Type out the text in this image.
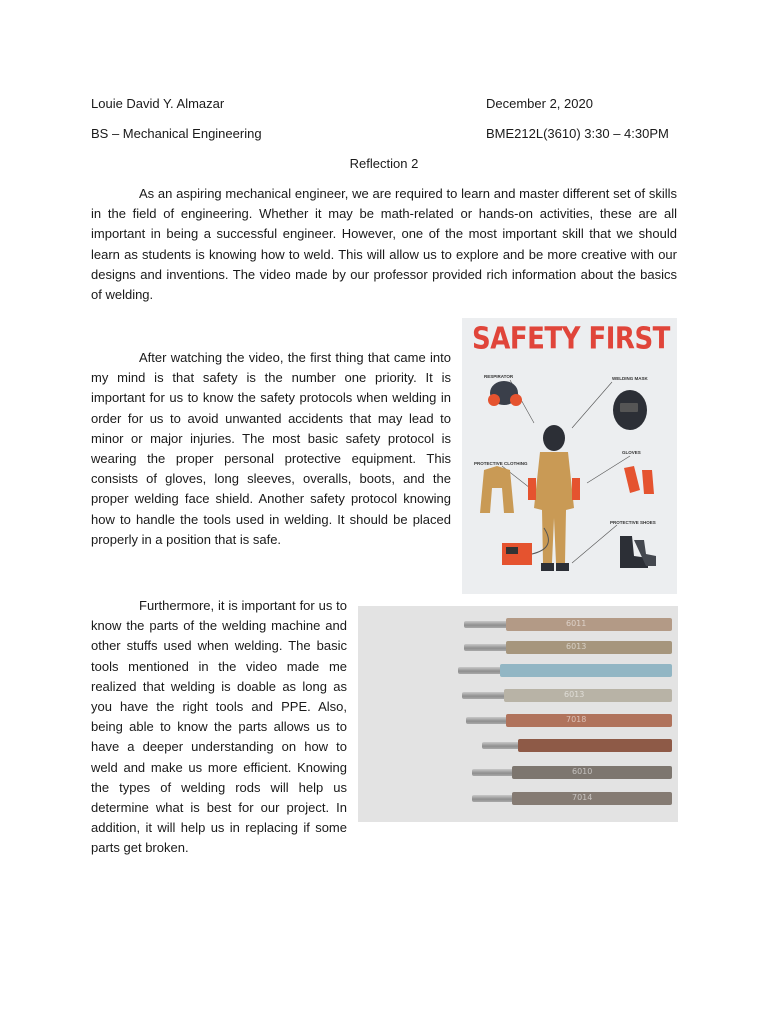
Louie David Y. Almazar	December 2, 2020
BS – Mechanical Engineering	BME212L(3610) 3:30 – 4:30PM
Reflection 2

As an aspiring mechanical engineer, we are required to learn and master different set of skills in the field of engineering. Whether it may be math-related or hands-on activities, these are all important in being a successful engineer. However, one of the most important skill that we should learn as students is knowing how to weld. This will allow us to explore and be more creative with our designs and inventions. The video made by our professor provided rich information about the basics of welding.

After watching the video, the first thing that came into my mind is that safety is the number one priority. It is important for us to know the safety protocols when welding in order for us to avoid unwanted accidents that may lead to minor or major injuries. The most basic safety protocol is wearing the proper personal protective equipment. This consists of gloves, long sleeves, overalls, boots, and the proper welding face shield. Another safety protocol knowing how to handle the tools used in welding. It should be placed properly in a position that is safe.

Furthermore, it is important for us to know the parts of the welding machine and other stuffs used when welding. The basic tools mentioned in the video made me realized that welding is doable as long as you have the right tools and PPE. Also, being able to know the parts allows us to have a deeper understanding on how to weld and make us more efficient. Knowing the types of welding rods will help us determine what is best for our project. In addition, it will help us in replacing if some parts get broken.

SAFETY FIRST
RESPIRATOR	WELDING MASK
PROTECTIVE CLOTHING
GLOVES
PROTECTIVE SHOES
6011
6013
6013
7018
6010
7014
